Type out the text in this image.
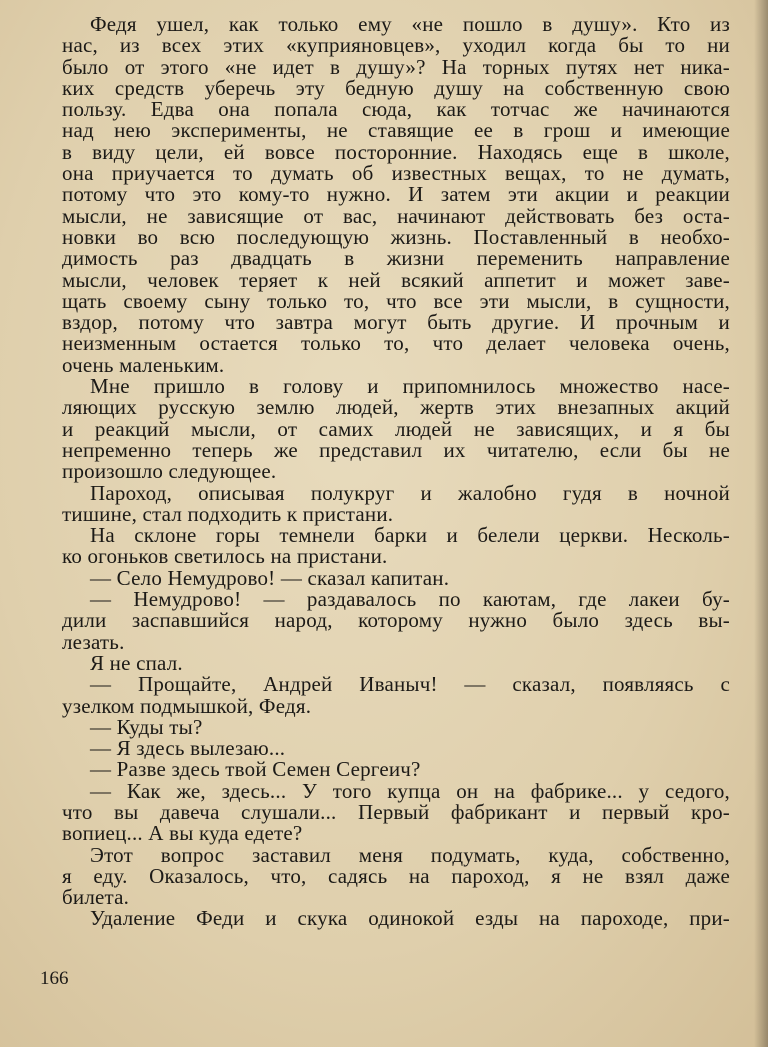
Федя ушел, как только ему «не пошло в душу». Кто из
нас, из всех этих «куприяновцев», уходил когда бы то ни
было от этого «не идет в душу»? На торных путях нет ника-
ких средств уберечь эту бедную душу на собственную свою
пользу. Едва она попала сюда, как тотчас же начинаются
над нею эксперименты, не ставящие ее в грош и имеющие
в виду цели, ей вовсе посторонние. Находясь еще в школе,
она приучается то думать об известных вещах, то не думать,
потому что это кому-то нужно. И затем эти акции и реакции
мысли, не зависящие от вас, начинают действовать без оста-
новки во всю последующую жизнь. Поставленный в необхо-
димость раз двадцать в жизни переменить направление
мысли, человек теряет к ней всякий аппетит и может заве-
щать своему сыну только то, что все эти мысли, в сущности,
вздор, потому что завтра могут быть другие. И прочным и
неизменным остается только то, что делает человека очень,
очень маленьким.
Мне пришло в голову и припомнилось множество насе-
ляющих русскую землю людей, жертв этих внезапных акций
и реакций мысли, от самих людей не зависящих, и я бы
непременно теперь же представил их читателю, если бы не
произошло следующее.
Пароход, описывая полукруг и жалобно гудя в ночной
тишине, стал подходить к пристани.
На склоне горы темнели барки и белели церкви. Несколь-
ко огоньков светилось на пристани.
— Село Немудрово! — сказал капитан.
— Немудрово! — раздавалось по каютам, где лакеи бу-
дили заспавшийся народ, которому нужно было здесь вы-
лезать.
Я не спал.
— Прощайте, Андрей Иваныч! — сказал, появляясь с
узелком подмышкой, Федя.
— Куды ты?
— Я здесь вылезаю...
— Разве здесь твой Семен Сергеич?
— Как же, здесь... У того купца он на фабрике... у седого,
что вы давеча слушали... Первый фабрикант и первый кро-
вопиец... А вы куда едете?
Этот вопрос заставил меня подумать, куда, собственно,
я еду. Оказалось, что, садясь на пароход, я не взял даже
билета.
Удаление Феди и скука одинокой езды на пароходе, при-
166
